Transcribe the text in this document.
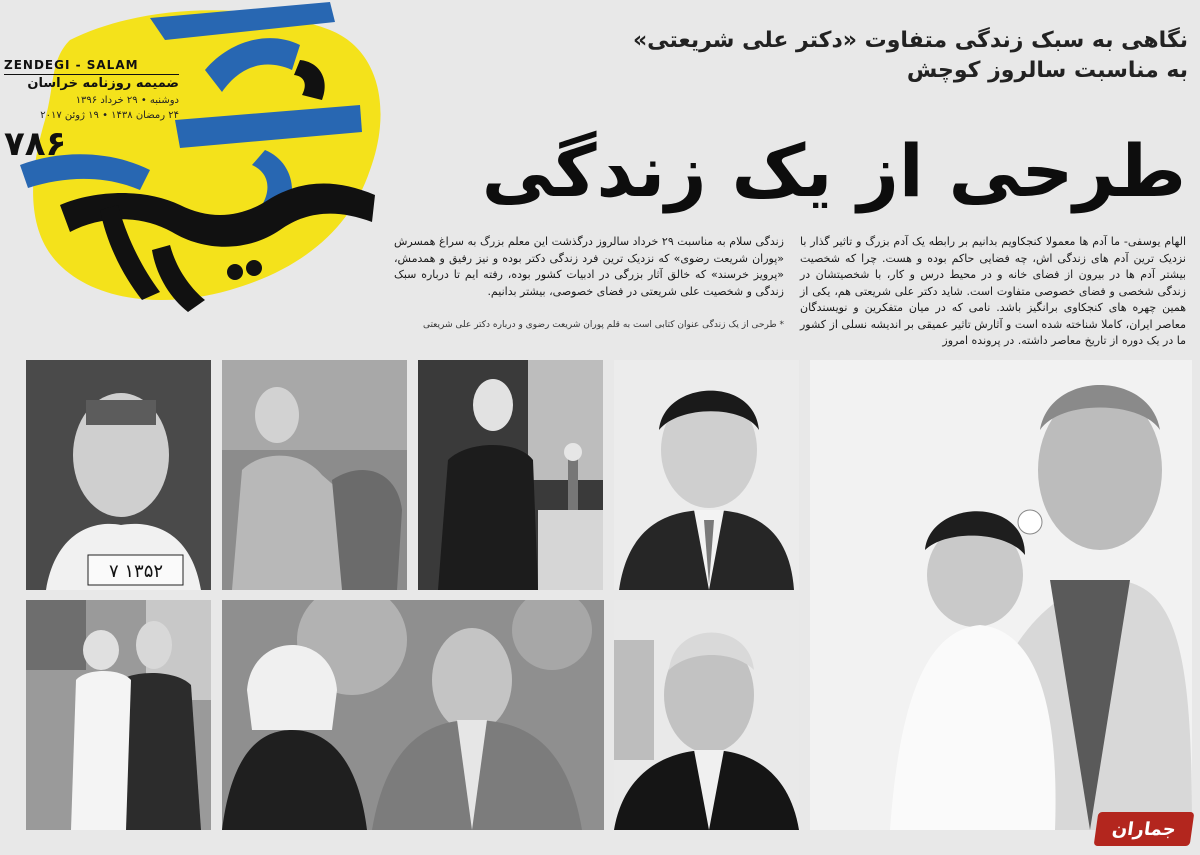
ZENDEGI - SALAM
ضمیمه روزنامه خراسان
دوشنبه • ۲۹ خرداد ۱۳۹۶
۲۴ رمضان ۱۴۳۸ • ۱۹ ژوئن ۲۰۱۷
۷۸۶
نگاهی به سبک زندگی متفاوت «دکتر علی شریعتی»
به مناسبت سالروز کوچش
طرحی از یک زندگی
الهام یوسفی- ما آدم ها معمولا کنجکاویم بدانیم بر رابطه یک آدم بزرگ و تاثیر گذار با نزدیک ترین آدم های زندگی اش، چه فضایی حاکم بوده و هست. چرا که شخصیت بیشتر آدم ها در بیرون از فضای خانه و در محیط درس و کار، با شخصیتشان در زندگی شخصی و فضای خصوصی متفاوت است. شاید دکتر علی شریعتی هم، یکی از همین چهره های کنجکاوی برانگیز باشد. نامی که در میان متفکرین و نویسندگان معاصر ایران، کاملا شناخته شده است و آثارش تاثیر عمیقی بر اندیشه نسلی از کشور ما در یک دوره از تاریخ معاصر داشته. در پرونده امروز
زندگی سلام به مناسبت ۲۹ خرداد سالروز درگذشت این معلم بزرگ به سراغ همسرش «پوران شریعت رضوی» که نزدیک ترین فرد زندگی دکتر بوده و نیز رفیق و همدمش، «پرویز خرسند» که خالق آثار بزرگی در ادبیات کشور بوده، رفته ایم تا درباره سبک زندگی و شخصیت علی شریعتی در فضای خصوصی، بیشتر بدانیم.
* طرحی از یک زندگی عنوان کتابی است به قلم پوران شریعت رضوی و درباره دکتر علی شریعتی
۷ ۱۳۵۲
جماران
